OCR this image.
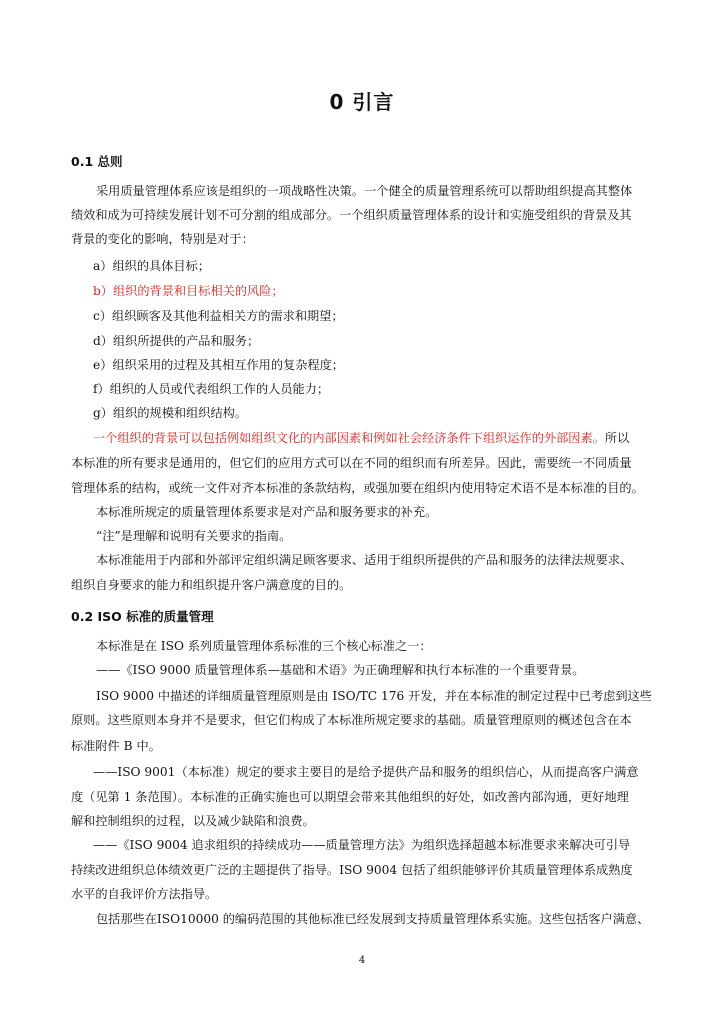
0 引言
0.1 总则
采用质量管理体系应该是组织的一项战略性决策。一个健全的质量管理系统可以帮助组织提高其整体
绩效和成为可持续发展计划不可分割的组成部分。一个组织质量管理体系的设计和实施受组织的背景及其
背景的变化的影响，特别是对于：
a）组织的具体目标；
b）组织的背景和目标相关的风险；
c）组织顾客及其他利益相关方的需求和期望；
d）组织所提供的产品和服务；
e）组织采用的过程及其相互作用的复杂程度；
f）组织的人员或代表组织工作的人员能力；
g）组织的规模和组织结构。
一个组织的背景可以包括例如组织文化的内部因素和例如社会经济条件下组织运作的外部因素。所以
本标准的所有要求是通用的，但它们的应用方式可以在不同的组织而有所差异。因此，需要统一不同质量
管理体系的结构，或统一文件对齐本标准的条款结构，或强加要在组织内使用特定术语不是本标准的目的。
本标准所规定的质量管理体系要求是对产品和服务要求的补充。
“注”是理解和说明有关要求的指南。
本标准能用于内部和外部评定组织满足顾客要求、适用于组织所提供的产品和服务的法律法规要求、
组织自身要求的能力和组织提升客户满意度的目的。
0.2 ISO 标准的质量管理
本标准是在 ISO 系列质量管理体系标准的三个核心标准之一：
——《ISO 9000 质量管理体系—基础和术语》为正确理解和执行本标准的一个重要背景。
ISO 9000 中描述的详细质量管理原则是由 ISO/TC 176 开发，并在本标准的制定过程中已考虑到这些
原则。这些原则本身并不是要求，但它们构成了本标准所规定要求的基础。质量管理原则的概述包含在本
标准附件 B 中。
——ISO 9001（本标准）规定的要求主要目的是给予提供产品和服务的组织信心，从而提高客户满意
度（见第 1 条范围）。本标准的正确实施也可以期望会带来其他组织的好处，如改善内部沟通，更好地理
解和控制组织的过程，以及减少缺陷和浪费。
——《ISO 9004 追求组织的持续成功——质量管理方法》为组织选择超越本标准要求来解决可引导
持续改进组织总体绩效更广泛的主题提供了指导。ISO 9004 包括了组织能够评价其质量管理体系成熟度
水平的自我评价方法指导。
包括那些在ISO10000 的编码范围的其他标准已经发展到支持质量管理体系实施。这些包括客户满意、
4
